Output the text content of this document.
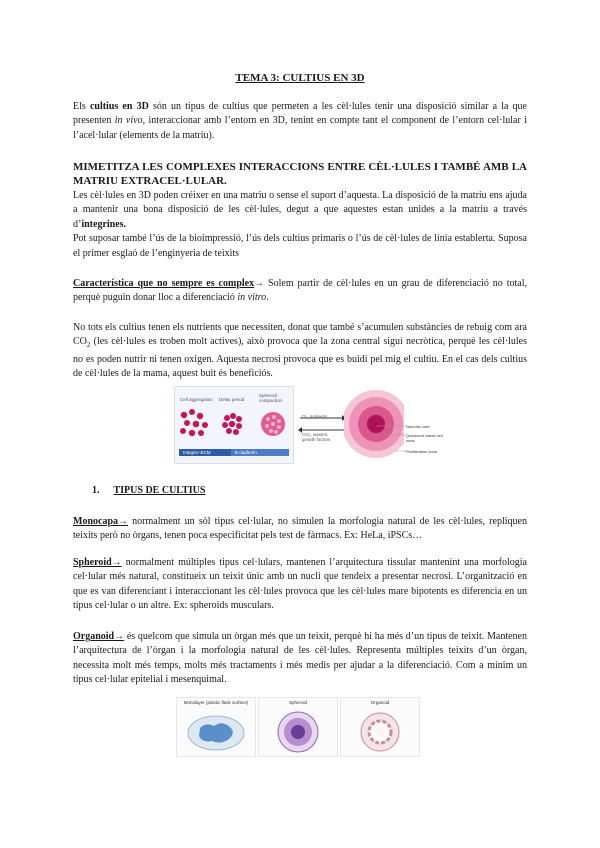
TEMA 3: CULTIUS EN 3D

Els cultius en 3D són un tipus de cultius que permeten a les cèl·lules tenir una disposició similar a la que presenten in vivo, interaccionar amb l’entorn en 3D, tenint en compte tant el component de l’entorn cel·lular i l’acel·lular (elements de la matriu).

MIMETITZA LES COMPLEXES INTERACCIONS ENTRE CÈL·LULES I TAMBÉ AMB LA MATRIU EXTRACEL·LULAR.

Les cèl·lules en 3D poden créixer en una matriu o sense el suport d’aquesta. La disposició de la matriu ens ajuda a mantenir una bona disposició de les cèl·lules, degut a que aquestes estan unides a la matriu a través d’integrines.
Pot suposar també l’ús de la bioimpressió, l’ús dels cultius primaris o l’ús de cèl·lules de línia establerta. Suposa el primer esglaó de l’enginyeria de teixits

Característica que no sempre es complex→ Solem partir de cèl·lules en un grau de diferenciació no total, perquè puguin donar lloc a diferenciació in vitro.

No tots els cultius tenen els nutrients que necessiten, donat que també s’acumulen substàncies de rebuig com ara $CO_2$ (les cèl·lules es troben molt actives), això provoca que la zona central sigui necròtica, perquè les cèl·lules no es poden nutrir ni tenen oxigen. Aquesta necrosi provoca que es buidi pel mig el cultiu. En el cas dels cultius de cèl·lules de la mama, aquest buit és beneficiós.

Cell aggregation Delay period
Spheroid compaction
Integrin–ECM	E-cadherin
O₂, nutrients
CO₂, wastes, growth factors
Necrotic core
Quiescent viable cell zone
Proliferation zone
1. TIPUS DE CULTIUS

Monocapa→ normalment un sòl tipus cel·lular, no simulen la morfologia natural de les cèl·lules, repliquen teixits però no òrgans, tenen poca especificitat pels test de fàrmacs. Ex: HeLa, iPSCs…

Spheroid→ normalment múltiples tipus cel·lulars, mantenen l’arquitectura tissular mantenint una morfologia cel·lular més natural, constitueix un teixit únic amb un nucli que tendeix a presentar necrosi. L’organització en que es van diferenciant i interaccionant les cèl·lules provoca que les cèl·lules mare bipotents es diferencia en un tipus cel·lular o un altre. Ex: spheroids musculars.

Organoid→ és quelcom que simula un òrgan més que un teixit, perquè hi ha més d’un tipus de teixit. Mantenen l’arquitectura de l’òrgan i la morfologia natural de les cèl·lules. Representa múltiples teixits d’un òrgan, necessita molt més temps, molts més tractaments i més medis per ajudar a la diferenciació. Com a mínim un tipus cel·lular epitelial i mesenquimal.

Monolayer (plastic flask surface)	Spheroid	Organoid
